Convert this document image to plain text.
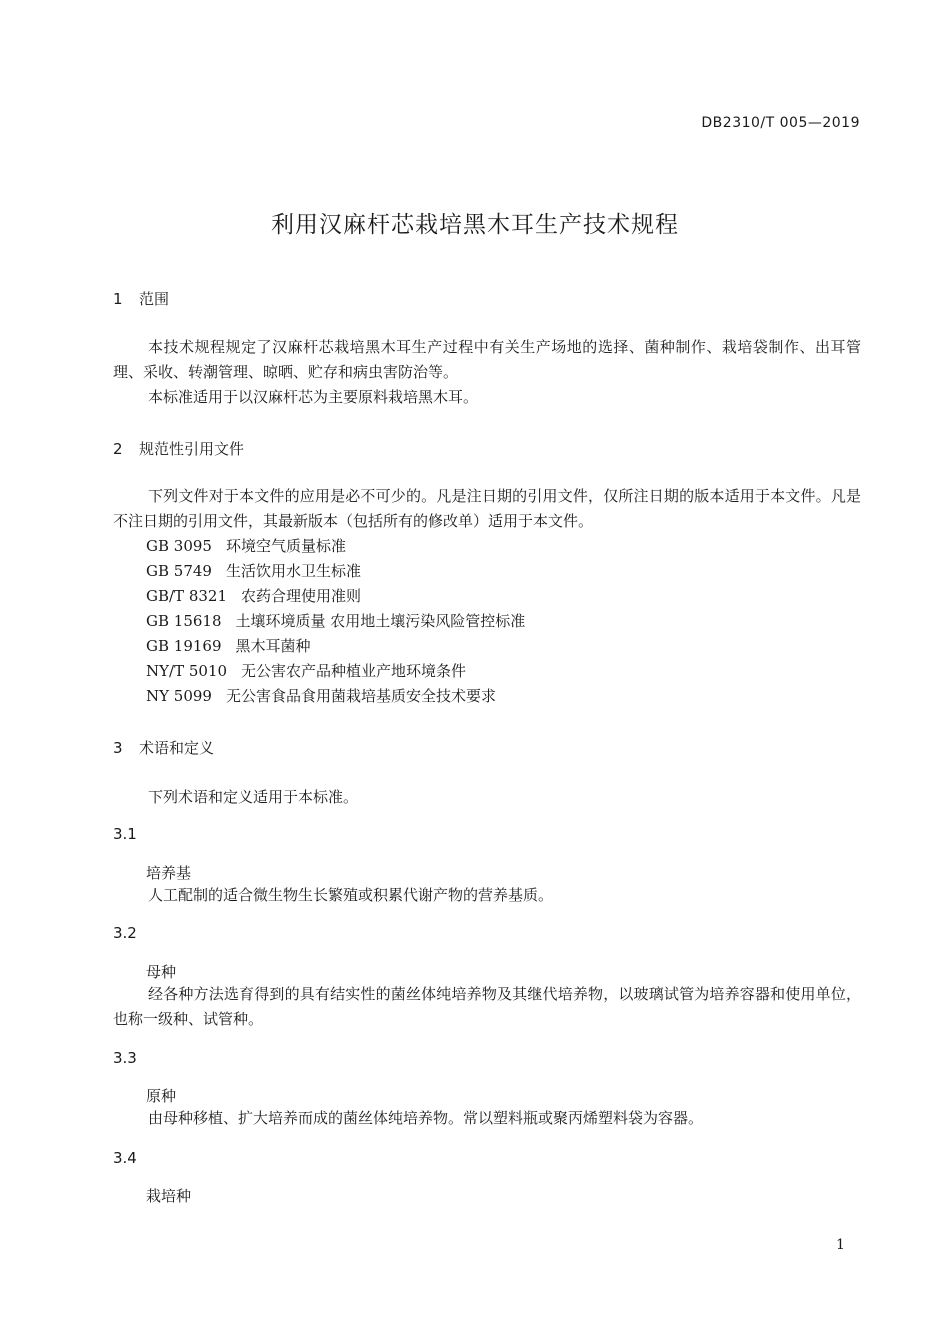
DB2310/T 005—2019
利用汉麻杆芯栽培黑木耳生产技术规程
1 范围
本技术规程规定了汉麻杆芯栽培黑木耳生产过程中有关生产场地的选择、菌种制作、栽培袋制作、出耳管理、采收、转潮管理、晾晒、贮存和病虫害防治等。
本标准适用于以汉麻杆芯为主要原料栽培黑木耳。
2 规范性引用文件
下列文件对于本文件的应用是必不可少的。凡是注日期的引用文件，仅所注日期的版本适用于本文件。凡是不注日期的引用文件，其最新版本（包括所有的修改单）适用于本文件。
GB 3095 环境空气质量标准
GB 5749 生活饮用水卫生标准
GB/T 8321 农药合理使用准则
GB 15618 土壤环境质量 农用地土壤污染风险管控标准
GB 19169 黑木耳菌种
NY/T 5010 无公害农产品种植业产地环境条件
NY 5099 无公害食品食用菌栽培基质安全技术要求
3 术语和定义
下列术语和定义适用于本标准。
3.1
培养基
人工配制的适合微生物生长繁殖或积累代谢产物的营养基质。
3.2
母种
经各种方法选育得到的具有结实性的菌丝体纯培养物及其继代培养物，以玻璃试管为培养容器和使用单位，也称一级种、试管种。
3.3
原种
由母种移植、扩大培养而成的菌丝体纯培养物。常以塑料瓶或聚丙烯塑料袋为容器。
3.4
栽培种
1
